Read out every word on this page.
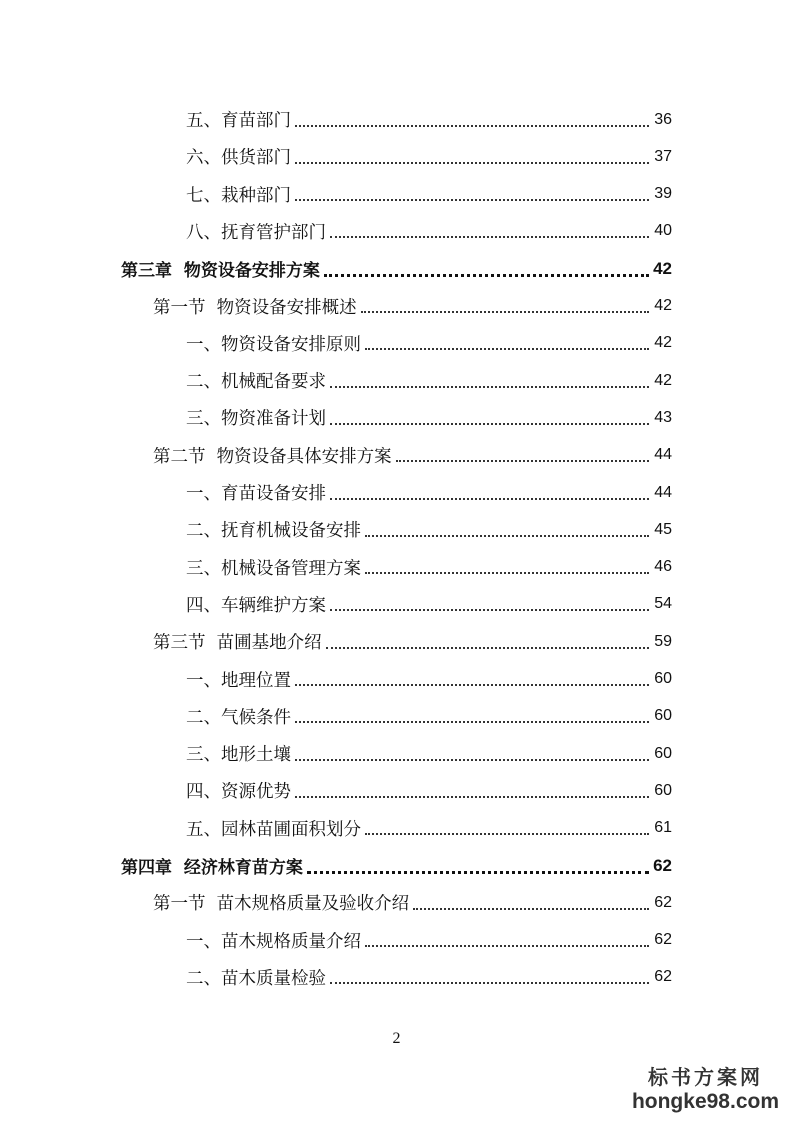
五、育苗部门	36
六、供货部门	37
七、栽种部门	39
八、抚育管护部门	40
第三章  物资设备安排方案	42
第一节  物资设备安排概述	42
一、物资设备安排原则	42
二、机械配备要求	42
三、物资准备计划	43
第二节  物资设备具体安排方案	44
一、育苗设备安排	44
二、抚育机械设备安排	45
三、机械设备管理方案	46
四、车辆维护方案	54
第三节  苗圃基地介绍	59
一、地理位置	60
二、气候条件	60
三、地形土壤	60
四、资源优势	60
五、园林苗圃面积划分	61
第四章  经济林育苗方案	62
第一节  苗木规格质量及验收介绍	62
一、苗木规格质量介绍	62
二、苗木质量检验	62
2
标书方案网
hongke98.com
